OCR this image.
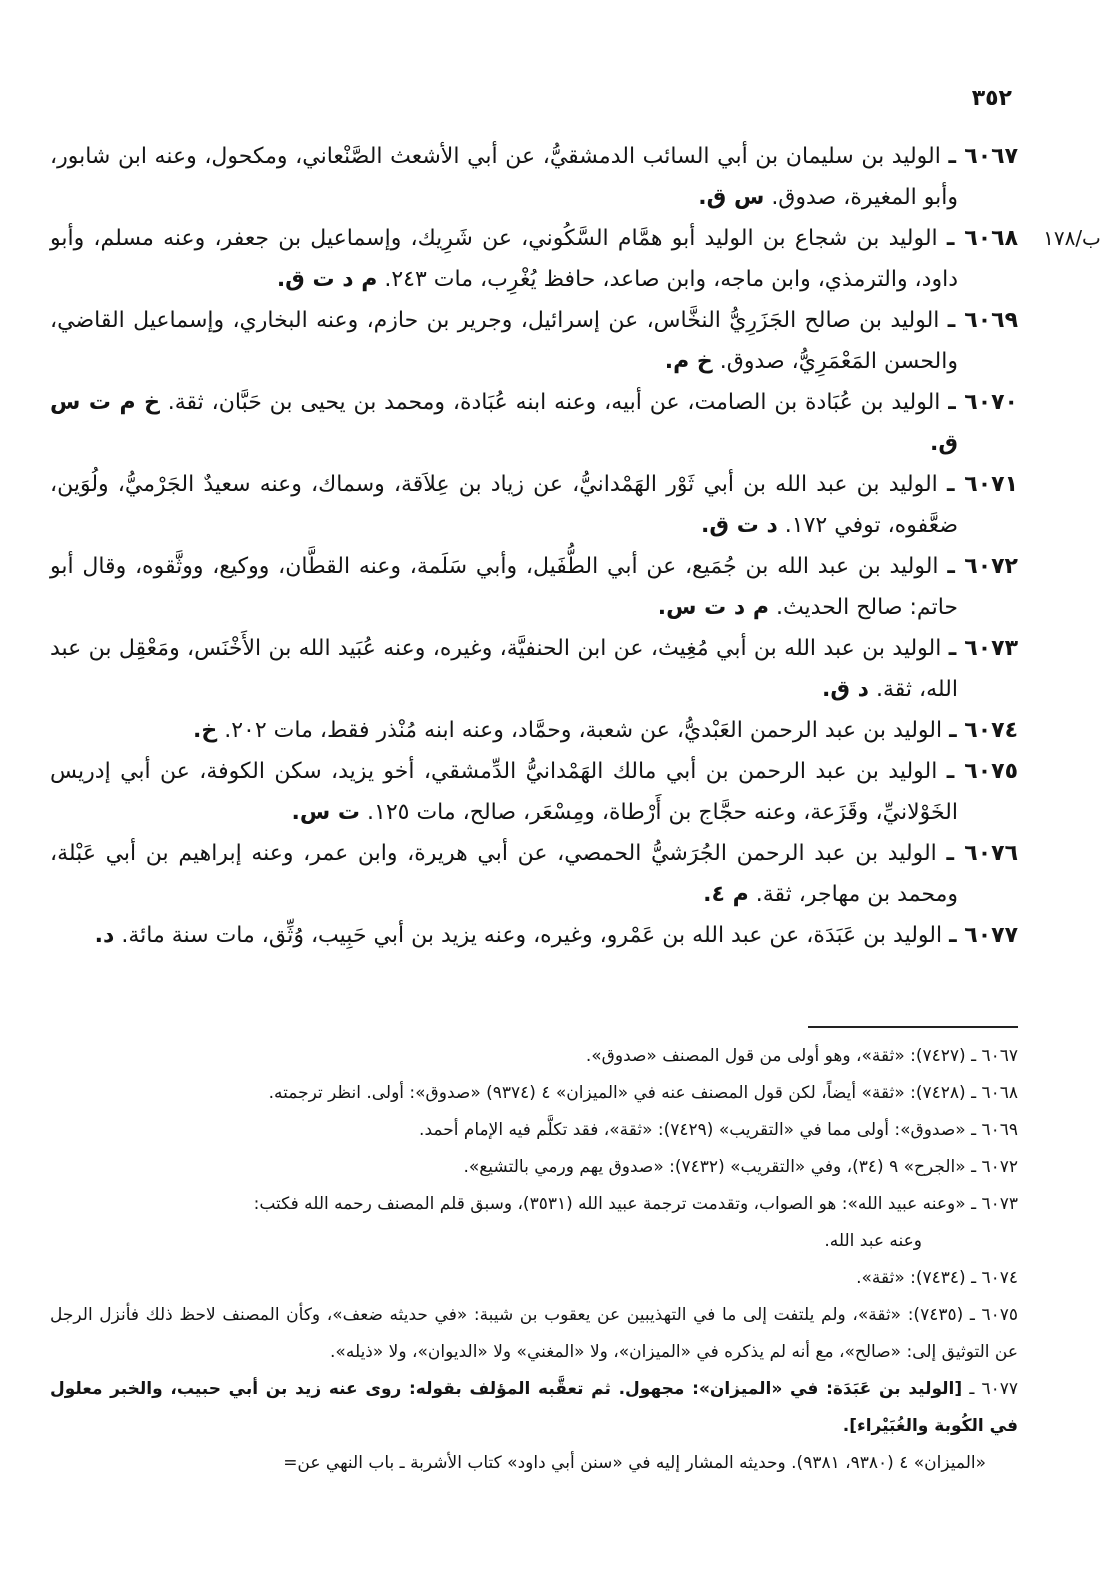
٣٥٢

٦٠٦٧ ـ الوليد بن سليمان بن أبي السائب الدمشقيُّ، عن أبي الأشعث الصَّنْعاني، ومكحول، وعنه ابن شابور، وأبو المغيرة، صدوق. س ق.

١٧٨/ب
٦٠٦٨ ـ الوليد بن شجاع بن الوليد أبو همَّام السَّكُوني، عن شَرِيك، وإسماعيل بن جعفر، وعنه مسلم، وأبو داود، والترمذي، وابن ماجه، وابن صاعد، حافظ يُغْرِب، مات ٢٤٣. م د ت ق.

٦٠٦٩ ـ الوليد بن صالح الجَزَرِيُّ النخَّاس، عن إسرائيل، وجرير بن حازم، وعنه البخاري، وإسماعيل القاضي، والحسن المَعْمَرِيُّ، صدوق. خ م.

٦٠٧٠ ـ الوليد بن عُبَادة بن الصامت، عن أبيه، وعنه ابنه عُبَادة، ومحمد بن يحيى بن حَبَّان، ثقة. خ م ت س ق.

٦٠٧١ ـ الوليد بن عبد الله بن أبي ثَوْر الهَمْدانيُّ، عن زياد بن عِلاَقة، وسماك، وعنه سعيدٌ الجَرْميُّ، ولُوَين، ضعَّفوه، توفي ١٧٢. د ت ق.

٦٠٧٢ ـ الوليد بن عبد الله بن جُمَيع، عن أبي الطُّفَيل، وأبي سَلَمة، وعنه القطَّان، ووكيع، ووثَّقوه، وقال أبو حاتم: صالح الحديث. م د ت س.

٦٠٧٣ ـ الوليد بن عبد الله بن أبي مُغِيث، عن ابن الحنفيَّة، وغيره، وعنه عُبَيد الله بن الأَخْنَس، ومَعْقِل بن عبد الله، ثقة. د ق.

٦٠٧٤ ـ الوليد بن عبد الرحمن العَبْديُّ، عن شعبة، وحمَّاد، وعنه ابنه مُنْذر فقط، مات ٢٠٢. خ.

٦٠٧٥ ـ الوليد بن عبد الرحمن بن أبي مالك الهَمْدانيُّ الدِّمشقي، أخو يزيد، سكن الكوفة، عن أبي إدريس الخَوْلانيِّ، وقَزَعة، وعنه حجَّاج بن أَرْطاة، ومِسْعَر، صالح، مات ١٢٥. ت س.

٦٠٧٦ ـ الوليد بن عبد الرحمن الجُرَشيُّ الحمصي، عن أبي هريرة، وابن عمر، وعنه إبراهيم بن أبي عَبْلة، ومحمد بن مهاجر، ثقة. م ٤.

٦٠٧٧ ـ الوليد بن عَبَدَة، عن عبد الله بن عَمْرو، وغيره، وعنه يزيد بن أبي حَبِيب، وُثِّق، مات سنة مائة. د.

٦٠٦٧ ـ (٧٤٢٧): «ثقة»، وهو أولى من قول المصنف «صدوق».

٦٠٦٨ ـ (٧٤٢٨): «ثقة» أيضاً، لكن قول المصنف عنه في «الميزان» ٤ (٩٣٧٤) «صدوق»: أولى. انظر ترجمته.

٦٠٦٩ ـ «صدوق»: أولى مما في «التقريب» (٧٤٢٩): «ثقة»، فقد تكلَّم فيه الإمام أحمد.

٦٠٧٢ ـ «الجرح» ٩ (٣٤)، وفي «التقريب» (٧٤٣٢): «صدوق يهم ورمي بالتشيع».

٦٠٧٣ ـ «وعنه عبيد الله»: هو الصواب، وتقدمت ترجمة عبيد الله (٣٥٣١)، وسبق قلم المصنف رحمه الله فكتب:
وعنه عبد الله.

٦٠٧٤ ـ (٧٤٣٤): «ثقة».

٦٠٧٥ ـ (٧٤٣٥): «ثقة»، ولم يلتفت إلى ما في التهذيبين عن يعقوب بن شيبة: «في حديثه ضعف»، وكأن المصنف لاحظ ذلك فأنزل الرجل عن التوثيق إلى: «صالح»، مع أنه لم يذكره في «الميزان»، ولا «المغني» ولا «الديوان»، ولا «ذيله».

٦٠٧٧ ـ [الوليد بن عَبَدَة: في «الميزان»: مجهول. ثم تعقَّبه المؤلف بقوله: روى عنه زيد بن أبي حبيب، والخبر معلول في الكُوبة والغُبَيْراء].
«الميزان» ٤ (٩٣٨٠، ٩٣٨١). وحديثه المشار إليه في «سنن أبي داود» كتاب الأشربة ـ باب النهي عن=
